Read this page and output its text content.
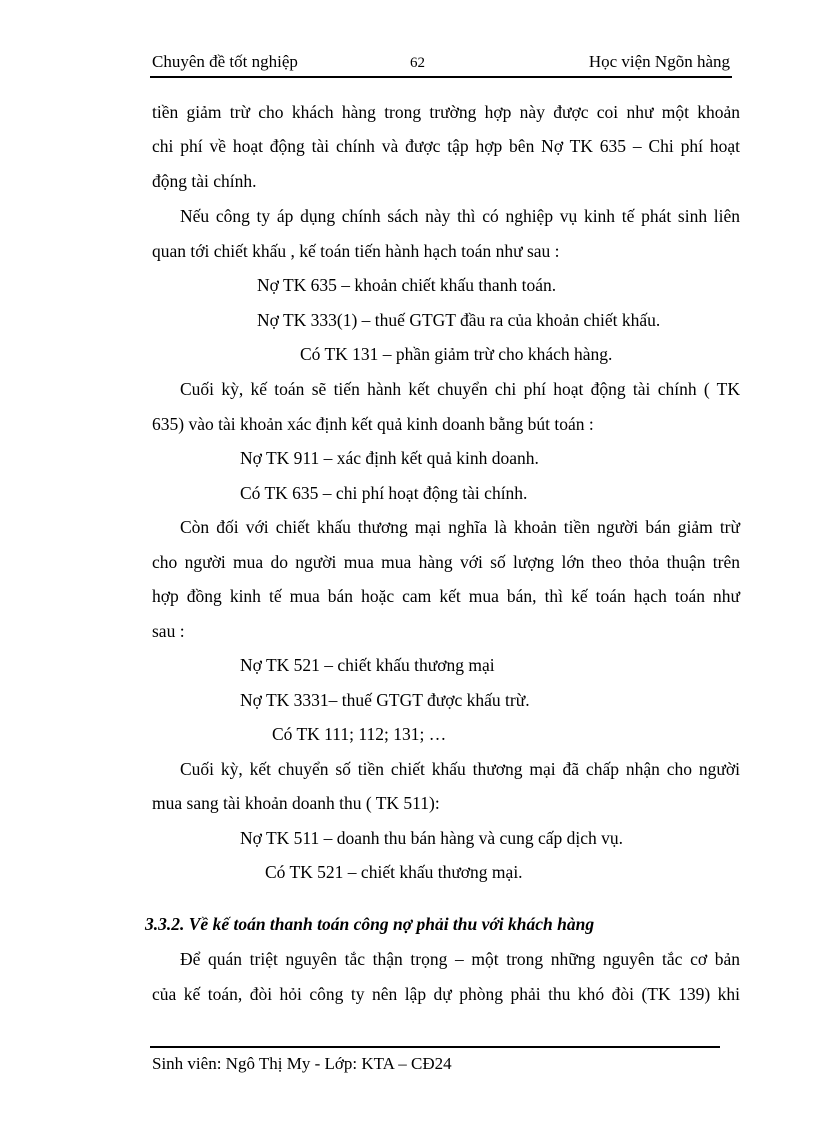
Chuyên đề tốt nghiệp	62	Học viện Ngõn hàng
tiền giảm trừ cho khách hàng trong trường hợp này được coi như một khoản
chi phí về hoạt động tài chính và được tập hợp bên Nợ TK 635 – Chi phí hoạt
động tài chính.
Nếu công ty áp dụng chính sách này thì có nghiệp vụ kinh tế phát sinh liên
quan tới chiết khấu , kế toán tiến hành hạch toán như sau :
Nợ TK 635 – khoản chiết khấu thanh toán.
Nợ TK 333(1) – thuế GTGT đầu ra của khoản chiết khấu.
Có TK 131 – phần giảm trừ cho khách hàng.
Cuối kỳ, kế toán sẽ tiến hành kết chuyển chi phí hoạt động tài chính ( TK
635) vào tài khoản xác định kết quả kinh doanh bằng bút toán :
Nợ TK 911 – xác định kết quả kinh doanh.
Có TK 635 – chi phí hoạt động tài chính.
Còn đối với chiết khấu thương mại nghĩa là khoản tiền người bán giảm trừ
cho người mua do người mua mua hàng với số lượng lớn theo thỏa thuận trên
hợp đồng kinh tế mua bán hoặc cam kết mua bán, thì kế toán hạch toán như
sau :
Nợ TK 521 – chiết khấu thương mại
Nợ TK 3331– thuế GTGT được khấu trừ.
Có TK 111; 112; 131; …
Cuối kỳ, kết chuyển số tiền chiết khấu thương mại đã chấp nhận cho người
mua sang tài khoản doanh thu ( TK 511):
Nợ TK 511 – doanh thu bán hàng và cung cấp dịch vụ.
Có TK 521 – chiết khấu thương mại.
3.3.2. Về kế toán thanh toán công nợ phải thu với khách hàng
Để quán triệt nguyên tắc thận trọng – một trong những nguyên tắc cơ bản
của kế toán, đòi hỏi công ty nên lập dự phòng phải thu khó đòi (TK 139) khi
Sinh viên: Ngô Thị My - Lớp: KTA – CĐ24
